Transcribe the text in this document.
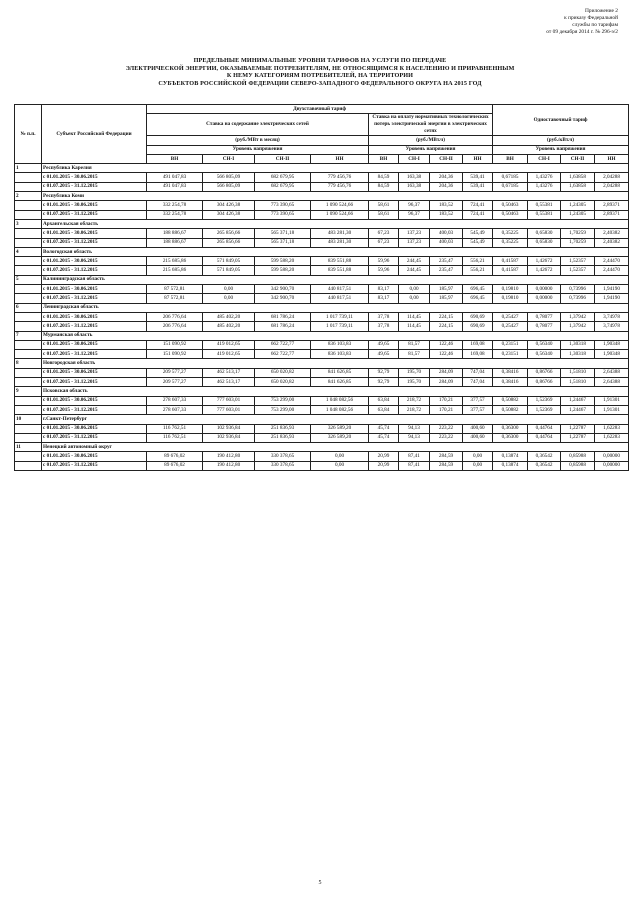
Приложение 2
к приказу Федеральной
службы по тарифам
от 09 декабря 2014 г. № 296-э/2
ПРЕДЕЛЬНЫЕ МИНИМАЛЬНЫЕ УРОВНИ ТАРИФОВ НА УСЛУГИ ПО ПЕРЕДАЧЕ
ЭЛЕКТРИЧЕСКОЙ ЭНЕРГИИ, ОКАЗЫВАЕМЫЕ ПОТРЕБИТЕЛЯМ, НЕ ОТНОСЯЩИМСЯ К НАСЕЛЕНИЮ И ПРИРАВНЕННЫМ
К НЕМУ КАТЕГОРИЯМ ПОТРЕБИТЕЛЕЙ, НА ТЕРРИТОРИИ
СУБЪЕКТОВ РОССИЙСКОЙ ФЕДЕРАЦИИ СЕВЕРО-ЗАПАДНОГО ФЕДЕРАЛЬНОГО ОКРУГА НА 2015 ГОД
№ п.п.	Субъект Российской Федерации	Двухставочный тариф								Одноставочный тариф			
		Ставка на содержание электрических сетей				Ставка на оплату нормативных технологических потерь электрической энергии в электрических сетях							
		(руб./МВт в месяц)				(руб./МВт.ч)				(руб./кВт.ч)			
		Уровень напряжения				Уровень напряжения				Уровень напряжения			
		ВН	СН-I	СН-II	НН	ВН	СН-I	СН-II	НН	ВН	СН-I	СН-II	НН
1	Республика Карелия												
	с 01.01.2015 - 30.06.2015	491 047,83	566 805,09	682 679,95	779 456,76	84,59	163,38	204,36	539,41	0,67185	1,43276	1,63858	2,04288
	с 01.07.2015 - 31.12.2015	491 047,83	566 805,09	682 679,95	779 456,76	84,59	163,38	204,36	539,41	0,67185	1,43276	1,63858	2,04288
2	Республика Коми												
	с 01.01.2015 - 30.06.2015	332 254,78	304 426,38	773 390,65	1 090 524,66	58,61	96,37	183,52	724,41	0,50463	0,55381	1,24305	2,89371
	с 01.07.2015 - 31.12.2015	332 254,78	304 426,38	773 390,65	1 090 524,66	58,61	96,37	183,52	724,41	0,50463	0,55381	1,24305	2,89371
3	Архангельская область												
	с 01.01.2015 - 30.06.2015	188 886,67	265 856,66	565 371,18	483 281,30	67,23	137,23	400,03	545,49	0,35225	0,65830	1,70259	2,40382
	с 01.07.2015 - 31.12.2015	188 886,67	265 856,66	565 371,18	483 281,30	67,23	137,23	400,03	545,49	0,35225	0,65830	1,70259	2,40382
4	Вологодская область												
	с 01.01.2015 - 30.06.2015	215 685,86	571 849,05	599 588,20	839 551,88	59,96	244,45	235,47	556,21	0,41587	1,42672	1,52357	2,44470
	с 01.07.2015 - 31.12.2015	215 685,86	571 849,05	599 588,20	839 551,88	59,96	244,45	235,47	556,21	0,41587	1,42672	1,52357	2,44470
5	Калининградская область												
	с 01.01.2015 - 30.06.2015	87 572,81	0,00	342 900,70	440 817,51	83,17	0,00	185,97	696,45	0,19810	0,00000	0,73996	1,94190
	с 01.07.2015 - 31.12.2015	87 572,81	0,00	342 900,70	440 817,51	83,17	0,00	185,97	696,45	0,19810	0,00000	0,73996	1,94190
6	Ленинградская область												
	с 01.01.2015 - 30.06.2015	206 776,64	485 402,20	681 786,24	1 017 739,11	37,78	114,45	224,15	690,69	0,25427	0,78077	1,37942	3,74978
	с 01.07.2015 - 31.12.2015	206 776,64	485 402,20	681 786,24	1 017 739,11	37,78	114,45	224,15	690,69	0,25427	0,78077	1,37942	3,74978
7	Мурманская область												
	с 01.01.2015 - 30.06.2015	151 090,92	419 012,65	662 722,77	836 103,83	49,65	81,57	122,46	169,08	0,23151	0,56340	1,30318	1,90348
	с 01.07.2015 - 31.12.2015	151 090,92	419 012,65	662 722,77	836 103,83	49,65	81,57	122,46	169,08	0,23151	0,56340	1,30318	1,90348
8	Новгородская область												
	с 01.01.2015 - 30.06.2015	209 577,27	462 513,17	650 020,82	841 626,85	92,79	195,70	284,09	747,04	0,38416	0,86766	1,51810	2,64388
	с 01.07.2015 - 31.12.2015	209 577,27	462 513,17	650 020,82	841 626,85	92,79	195,70	284,09	747,04	0,38416	0,86766	1,51810	2,64388
9	Псковская область												
	с 01.01.2015 - 30.06.2015	278 607,33	777 603,01	753 299,00	1 048 082,56	63,84	218,72	170,21	377,57	0,50882	1,52369	1,24467	1,91301
	с 01.07.2015 - 31.12.2015	278 607,33	777 603,01	753 299,00	1 048 082,56	63,84	218,72	170,21	377,57	0,50882	1,52369	1,24467	1,91301
10	г.Санкт-Петербург												
	с 01.01.2015 - 30.06.2015	116 762,51	102 936,84	251 836,93	326 589,20	45,74	94,13	223,22	400,60	0,36300	0,44764	1,22787	1,62283
	с 01.07.2015 - 31.12.2015	116 762,51	102 936,84	251 836,93	326 589,20	45,74	94,13	223,22	400,60	0,36300	0,44764	1,22787	1,62283
11	Ненецкий автономный округ												
	с 01.01.2015 - 30.06.2015	89 676,02	190 412,80	330 378,65	0,00	20,99	87,41	284,59	0,00	0,13874	0,36542	0,85988	0,00000
	с 01.07.2015 - 31.12.2015	89 676,02	190 412,80	330 378,65	0,00	20,99	87,41	284,59	0,00	0,13874	0,36542	0,85988	0,00000
5
